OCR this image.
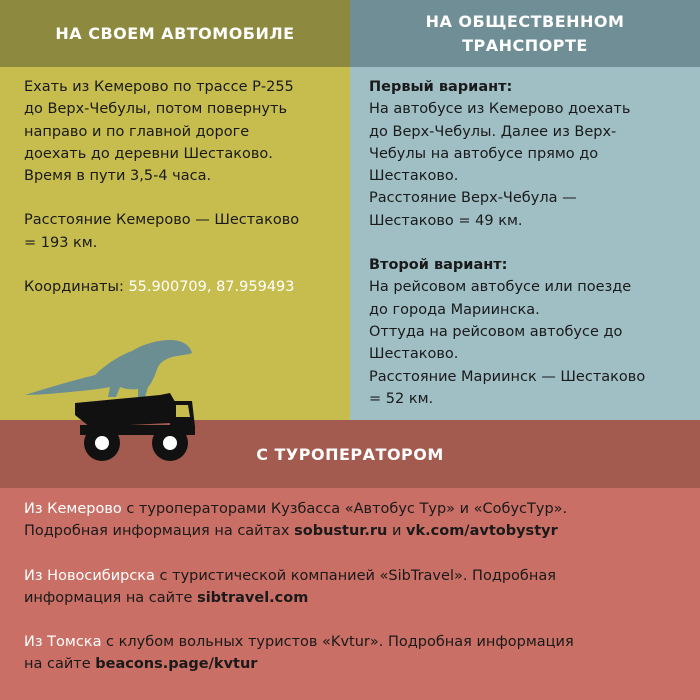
НА СВОЕМ АВТОМОБИЛЕ
НА ОБЩЕСТВЕННОМ
ТРАНСПОРТЕ

Ехать из Кемерово по трассе Р-255

до Верх-Чебулы, потом повернуть

направо и по главной дороге

доехать до деревни Шестаково.

Время в пути 3,5-4 часа.

Расстояние Кемерово — Шестаково

= 193 км.

Координаты: 55.900709, 87.959493

Первый вариант:

На автобусе из Кемерово доехать

до Верх-Чебулы. Далее из Верх-

Чебулы на автобусе прямо до

Шестаково.

Расстояние Верх-Чебула —

Шестаково = 49 км.

Второй вариант:

На рейсовом автобусе или поезде

до города Мариинска.

Оттуда на рейсовом автобусе до

Шестаково.

Расстояние Мариинск — Шестаково

= 52 км.

С ТУРОПЕРАТОРОМ

Из Кемерово с туроператорами Кузбасса «Автобус Тур» и «СобусТур».

Подробная информация на сайтах sobustur.ru и vk.com/avtobystyr

Из Новосибирска с туристической компанией «SibTravel». Подробная

информация на сайте sibtravel.com

Из Томска с клубом вольных туристов «Kvtur». Подробная информация

на сайте beacons.page/kvtur
